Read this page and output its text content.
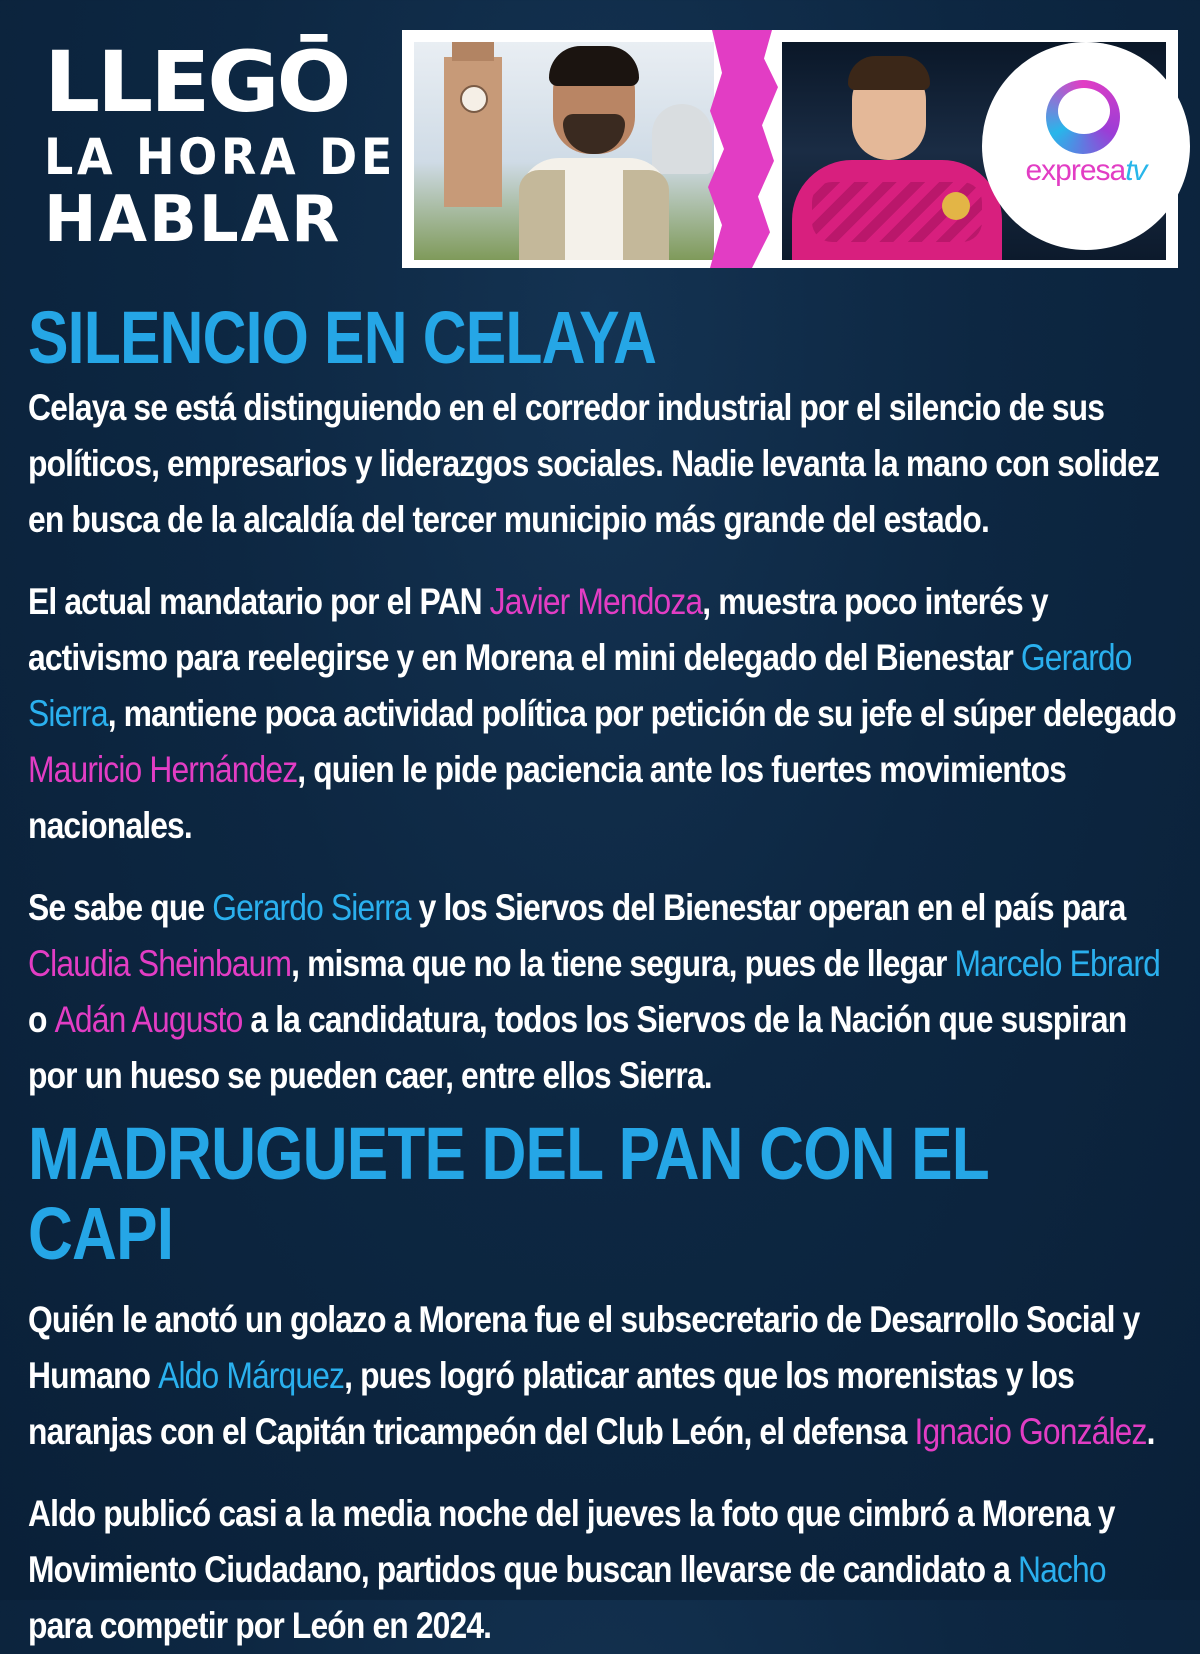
LLEGŌ
LA HORA DE
HABLAR
expresatv
SILENCIO EN CELAYA

Celaya se está distinguiendo en el corredor industrial por el silencio de sus políticos, empresarios y liderazgos sociales. Nadie levanta la mano con solidez en busca de la alcaldía del tercer municipio más grande del estado.

El actual mandatario por el PAN Javier Mendoza, muestra poco interés y activismo para reelegirse y en Morena el mini delegado del Bienestar Gerardo Sierra, mantiene poca actividad política por petición de su jefe el súper delegado Mauricio Hernández, quien le pide paciencia ante los fuertes movimientos nacionales.

Se sabe que Gerardo Sierra y los Siervos del Bienestar operan en el país para Claudia Sheinbaum, misma que no la tiene segura, pues de llegar Marcelo Ebrard o Adán Augusto a la candidatura, todos los Siervos de la Nación que suspiran por un hueso se pueden caer, entre ellos Sierra.

MADRUGUETE DEL PAN CON EL CAPI

Quién le anotó un golazo a Morena fue el subsecretario de Desarrollo Social y Humano Aldo Márquez, pues logró platicar antes que los morenistas y los naranjas con el Capitán tricampeón del Club León, el defensa Ignacio González.

Aldo publicó casi a la media noche del jueves la foto que cimbró a Morena y Movimiento Ciudadano, partidos que buscan llevarse de candidato a Nacho para competir por León en 2024.
